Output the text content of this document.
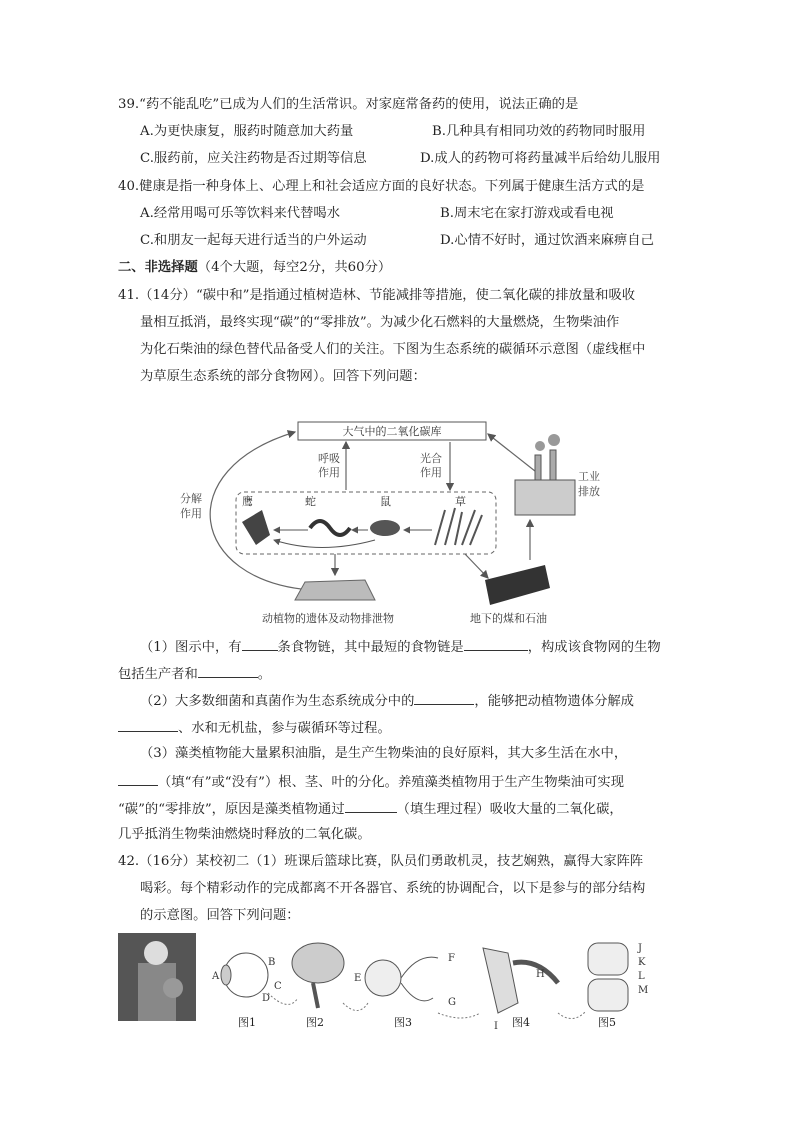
39.“药不能乱吃”已成为人们的生活常识。对家庭常备药的使用，说法正确的是
A.为更快康复，服药时随意加大药量	B.几种具有相同功效的药物同时服用
C.服药前，应关注药物是否过期等信息	D.成人的药物可将药量减半后给幼儿服用
40.健康是指一种身体上、心理上和社会适应方面的良好状态。下列属于健康生活方式的是
A.经常用喝可乐等饮料来代替喝水	B.周末宅在家打游戏或看电视
C.和朋友一起每天进行适当的户外运动	D.心情不好时，通过饮酒来麻痹自己
二、非选择题（4个大题，每空2分，共60分）
41.（14分）“碳中和”是指通过植树造林、节能减排等措施，使二氧化碳的排放量和吸收
量相互抵消，最终实现“碳”的“零排放”。为减少化石燃料的大量燃烧，生物柴油作
为化石柴油的绿色替代品备受人们的关注。下图为生态系统的碳循环示意图（虚线框中
为草原生态系统的部分食物网）。回答下列问题：
大气中的二氧化碳库
分解
作用
呼吸
作用
光合
作用	工业
排放
鹰	蛇	鼠	草
动植物的遗体及动物排泄物	地下的煤和石油
（1）图示中，有	条食物链，其中最短的食物链是	，构成该食物网的生物
包括生产者和	。
（2）大多数细菌和真菌作为生态系统成分中的	，能够把动植物遗体分解成
、水和无机盐，参与碳循环等过程。
（3）藻类植物能大量累积油脂，是生产生物柴油的良好原料，其大多生活在水中，
（填“有”或“没有”）根、茎、叶的分化。养殖藻类植物用于生产生物柴油可实现
“碳”的“零排放”，原因是藻类植物通过	（填生理过程）吸收大量的二氧化碳，
几乎抵消生物柴油燃烧时释放的二氧化碳。
42.（16分）某校初二（1）班课后篮球比赛，队员们勇敢机灵，技艺娴熟，赢得大家阵阵
喝彩。每个精彩动作的完成都离不开各器官、系统的协调配合，以下是参与的部分结构
的示意图。回答下列问题：
A
B
C
D
E
F
G
H
I
J
K
L
M
图1	图2	图3	图4	图5
